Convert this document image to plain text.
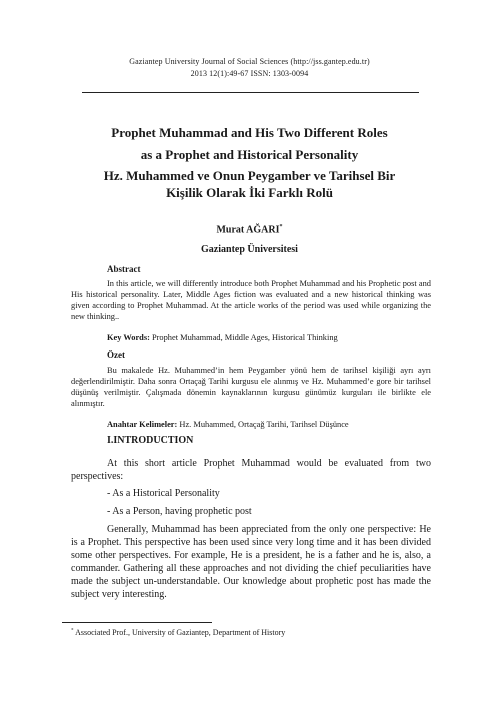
Gaziantep University Journal of Social Sciences (http://jss.gantep.edu.tr)
2013 12(1):49-67 ISSN: 1303-0094
Prophet Muhammad and His Two Different Roles
as a Prophet and Historical Personality
Hz. Muhammed ve Onun Peygamber ve Tarihsel Bir
Kişilik Olarak İki Farklı Rolü
Murat AĞARI*
Gaziantep Üniversitesi
Abstract
In this article, we will differently introduce both Prophet Muhammad and his Prophetic post and His historical personality. Later, Middle Ages fiction was evaluated and a new historical thinking was given according to Prophet Muhammad. At the article works of the period was used while organizing the new thinking..
Key Words: Prophet Muhammad, Middle Ages, Historical Thinking
Özet
Bu makalede Hz. Muhammed’in hem Peygamber yönü hem de tarihsel kişiliği ayrı ayrı değerlendirilmiştir. Daha sonra Ortaçağ Tarihi kurgusu ele alınmış ve Hz. Muhammed’e gore bir tarihsel düşünüş verilmiştir. Çalışmada dönemin kaynaklarının kurgusu günümüz kurguları ile birlikte ele alınmıştır.
Anahtar Kelimeler: Hz. Muhammed, Ortaçağ Tarihi, Tarihsel Düşünce
I.INTRODUCTION
At this short article Prophet Muhammad would be evaluated from two perspectives:
- As a Historical Personality
- As a Person, having prophetic post
Generally, Muhammad has been appreciated from the only one perspective: He is a Prophet. This perspective has been used since very long time and it has been divided some other perspectives. For example, He is a president, he is a father and he is, also, a commander. Gathering all these approaches and not dividing the chief peculiarities have made the subject un-understandable. Our knowledge about prophetic post has made the subject very interesting.
* Associated Prof., University of Gaziantep, Department of History
